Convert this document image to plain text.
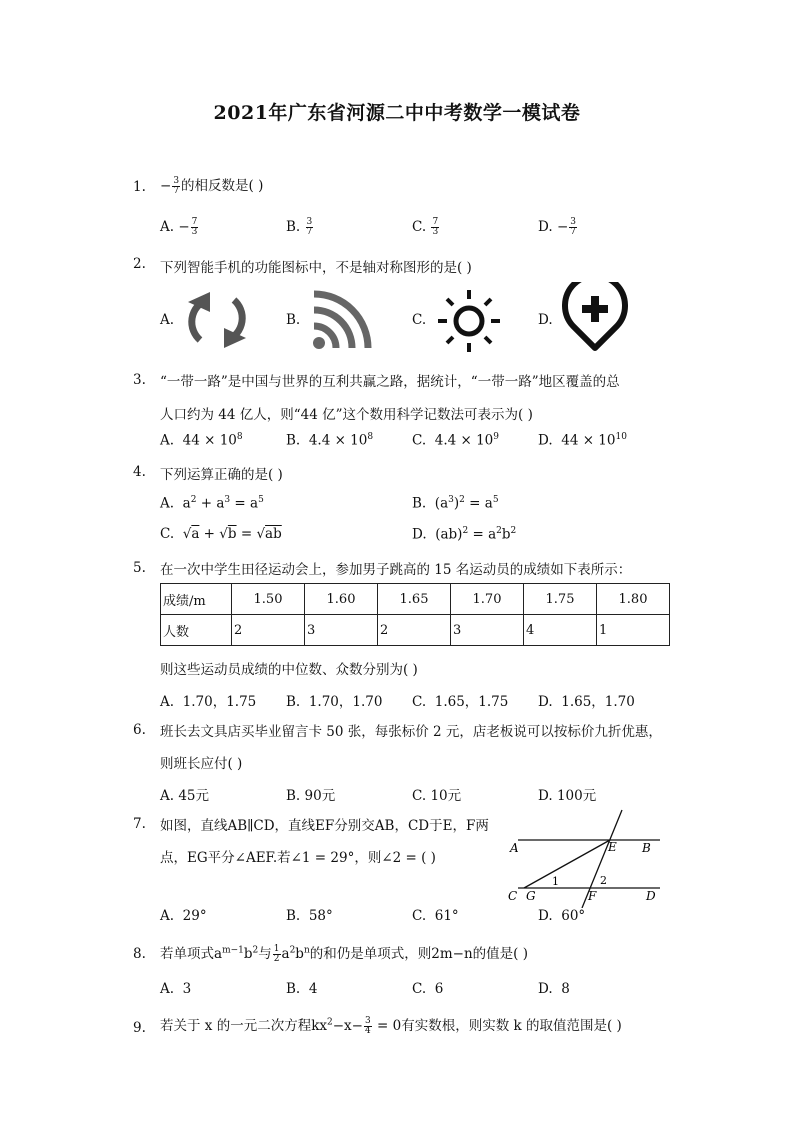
2021年广东省河源二中中考数学一模试卷
1. − $\frac{3}{7}$ 的相反数是( )
A. − $\frac{7}{3}$	B. $\frac{3}{7}$	C. $\frac{7}{3}$	D. − $\frac{3}{7}$
2. 下列智能手机的功能图标中，不是轴对称图形的是( )
A.	B.	C.	D.
3. “一带一路”是中国与世界的互利共赢之路，据统计，“一带一路”地区覆盖的总
人口约为 44 亿人，则“44 亿”这个数用科学记数法可表示为( )
A. $44 \times 10^8$	B. $4.4 \times 10^8$	C. $4.4 \times 10^9$	D. $44 \times 10^{10}$
4. 下列运算正确的是( )
A.  $a^2 + a^3 = a^5$	B.  $(a^3)^2 = a^5$
C.  √a + √b = √ab	D.  $(ab)^2 = a^2b^2$
5. 在一次中学生田径运动会上，参加男子跳高的 15 名运动员的成绩如下表所示：
成绩/m	1.50	1.60	1.65	1.70	1.75	1.80
人数	2	3	2	3	4	1
则这些运动员成绩的中位数、众数分别为( )
A. 1.70，1.75 B. 1.70，1.70 C. 1.65，1.75 D. 1.65，1.70
6. 班长去文具店买毕业留言卡 50 张，每张标价 2 元，店老板说可以按标价九折优惠，
则班长应付( )
A. 45元	B. 90元	C. 10元	D. 100元
7. 如图，直线AB∥CD，直线EF分别交AB，CD于E，F两
点，EG平分∠AEF.若∠1 = 29°，则∠2 = ( )
A. 29°	B. 58°	C. 61°	D. 60°
A	B
E
C G	F	D
1	2
8. 若单项式$a^{m-1}b^2$与 $\frac{1}{2} a^2b^n$的和仍是单项式，则2m−n的值是( )
A. 3	B. 4	C. 6	D. 8
9. 若关于 x 的一元二次方程$kx^2-x- \frac{3}{4} = 0$有实数根，则实数 k 的取值范围是( )
